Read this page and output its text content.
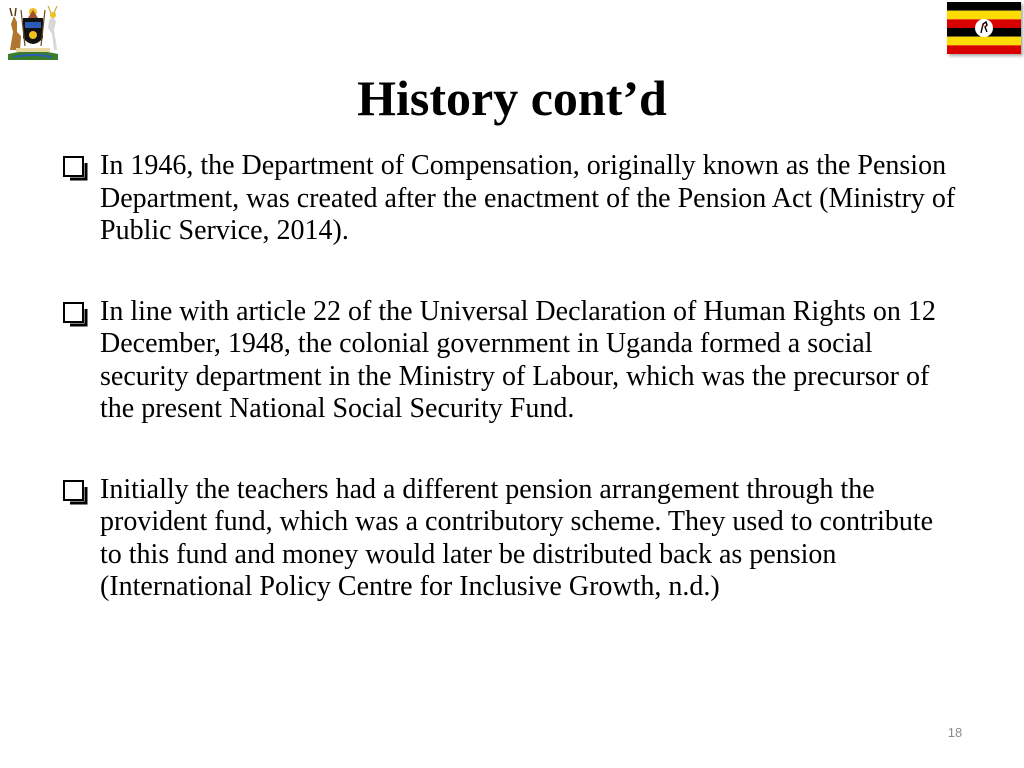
History cont’d
In 1946, the Department of Compensation, originally known as the Pension Department, was created after the enactment of the Pension Act (Ministry of Public Service, 2014).
In line with article 22 of the Universal Declaration of Human Rights on 12 December, 1948, the colonial government in Uganda formed a social security department in the Ministry of Labour, which was the precursor of the present National Social Security Fund.
Initially the teachers had a different pension arrangement through the provident fund, which was a contributory scheme. They used to contribute to this fund and money would later be distributed back as pension (International Policy Centre for Inclusive Growth, n.d.)
18
